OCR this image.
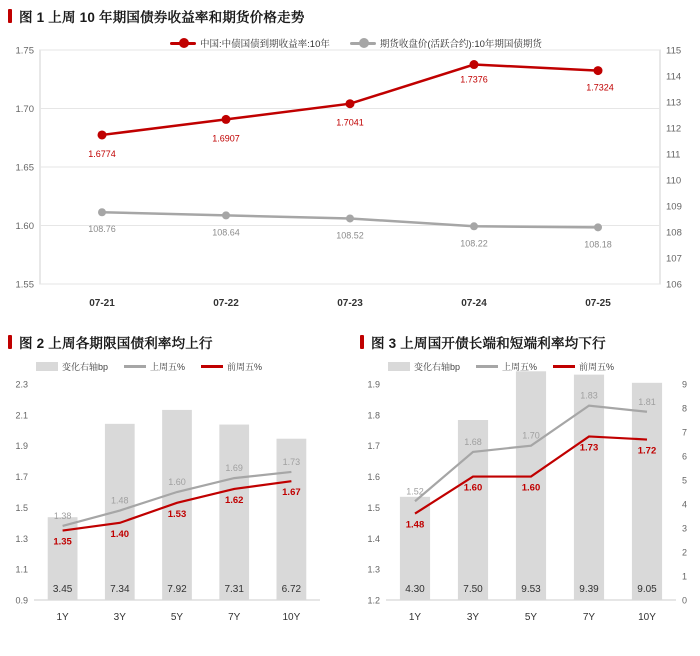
图 1 上周 10 年期国债券收益率和期货价格走势
中国:中债国债到期收益率:10年	期货收盘价(活跃合约):10年期国债期货
1.55
1.60
1.65
1.70
1.75
106
107
108
109
110
111
112
113
114
115
07-21	07-22	07-23	07-24	07-25
108.76	108.64	108.52
108.22	108.18
1.6774
1.6907
1.7041
1.7376
1.7324
图 2 上周各期限国债利率均上行
变化右轴bp	上周五%	前周五%
0.9
1.1
1.3
1.5
1.7
1.9
2.1
2.3
3.45	7.34	7.92	7.31	6.72
1.38
1.48
1.60
1.69
1.73
1.35
1.40
1.53
1.62
1.67
1Y	3Y	5Y	7Y	10Y
图 3 上周国开债长端和短端利率均下行
变化右轴bp	上周五%	前周五%
1.2
1.3
1.4
1.5
1.6
1.7
1.8
1.9
0
1
2
3
4
5
6
7
8
9
4.30	7.50	9.53	9.39	9.05
1.52
1.68
1.70
1.83
1.81
1.48
1.60	1.60
1.73	1.72
1Y	3Y	5Y	7Y	10Y
